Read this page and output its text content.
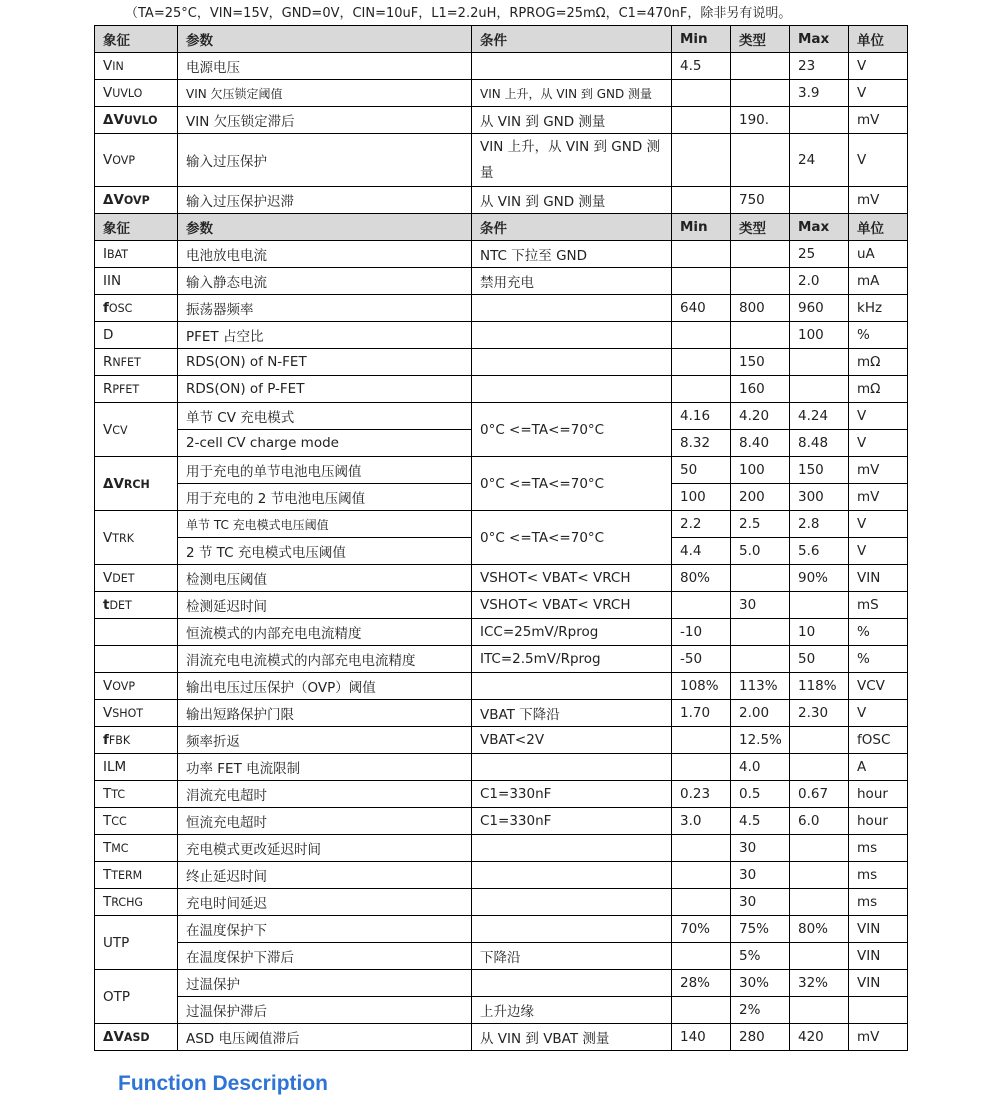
（TA=25°C，VIN=15V，GND=0V，CIN=10uF，L1=2.2uH，RPROG=25mΩ，C1=470nF，除非另有说明。
象征	参数	条件	Min	类型	Max	单位
VIN	电源电压		4.5		23	V
VUVLO	VIN 欠压锁定阈值	VIN 上升，从 VIN 到 GND 测量			3.9	V
ΔVUVLO	VIN 欠压锁定滞后	从 VIN 到 GND 测量		190.		mV
VOVP	输入过压保护	VIN 上升，从 VIN 到 GND 测量			24	V
ΔVOVP	输入过压保护迟滞	从 VIN 到 GND 测量		750		mV
象征	参数	条件	Min	类型	Max	单位
IBAT	电池放电电流	NTC 下拉至 GND			25	uA
IIN	输入静态电流	禁用充电			2.0	mA
fOSC	振荡器频率		640	800	960	kHz
D	PFET 占空比				100	%
RNFET	RDS(ON) of N-FET			150		mΩ
RPFET	RDS(ON) of P-FET			160		mΩ
VCV	单节 CV 充电模式	0°C <=TA<=70°C	4.16	4.20	4.24	V
	2-cell CV charge mode		8.32	8.40	8.48	V
ΔVRCH	用于充电的单节电池电压阈值	0°C <=TA<=70°C	50	100	150	mV
	用于充电的 2 节电池电压阈值		100	200	300	mV
VTRK	单节 TC 充电模式电压阈值	0°C <=TA<=70°C	2.2	2.5	2.8	V
	2 节 TC 充电模式电压阈值		4.4	5.0	5.6	V
VDET	检测电压阈值	VSHOT< VBAT< VRCH	80%		90%	VIN
tDET	检测延迟时间	VSHOT< VBAT< VRCH		30		mS
	恒流模式的内部充电电流精度	ICC=25mV/Rprog	-10		10	%
	涓流充电电流模式的内部充电电流精度	ITC=2.5mV/Rprog	-50		50	%
VOVP	输出电压过压保护（OVP）阈值		108%	113%	118%	VCV
VSHOT	输出短路保护门限	VBAT 下降沿	1.70	2.00	2.30	V
fFBK	频率折返	VBAT<2V		12.5%		fOSC
ILM	功率 FET 电流限制			4.0		A
TTC	涓流充电超时	C1=330nF	0.23	0.5	0.67	hour
TCC	恒流充电超时	C1=330nF	3.0	4.5	6.0	hour
TMC	充电模式更改延迟时间			30		ms
TTERM	终止延迟时间			30		ms
TRCHG	充电时间延迟			30		ms
UTP	在温度保护下		70%	75%	80%	VIN
	在温度保护下滞后	下降沿		5%		VIN
OTP	过温保护		28%	30%	32%	VIN
	过温保护滞后	上升边缘		2%		
ΔVASD	ASD 电压阈值滞后	从 VIN 到 VBAT 测量	140	280	420	mV
Function Description
